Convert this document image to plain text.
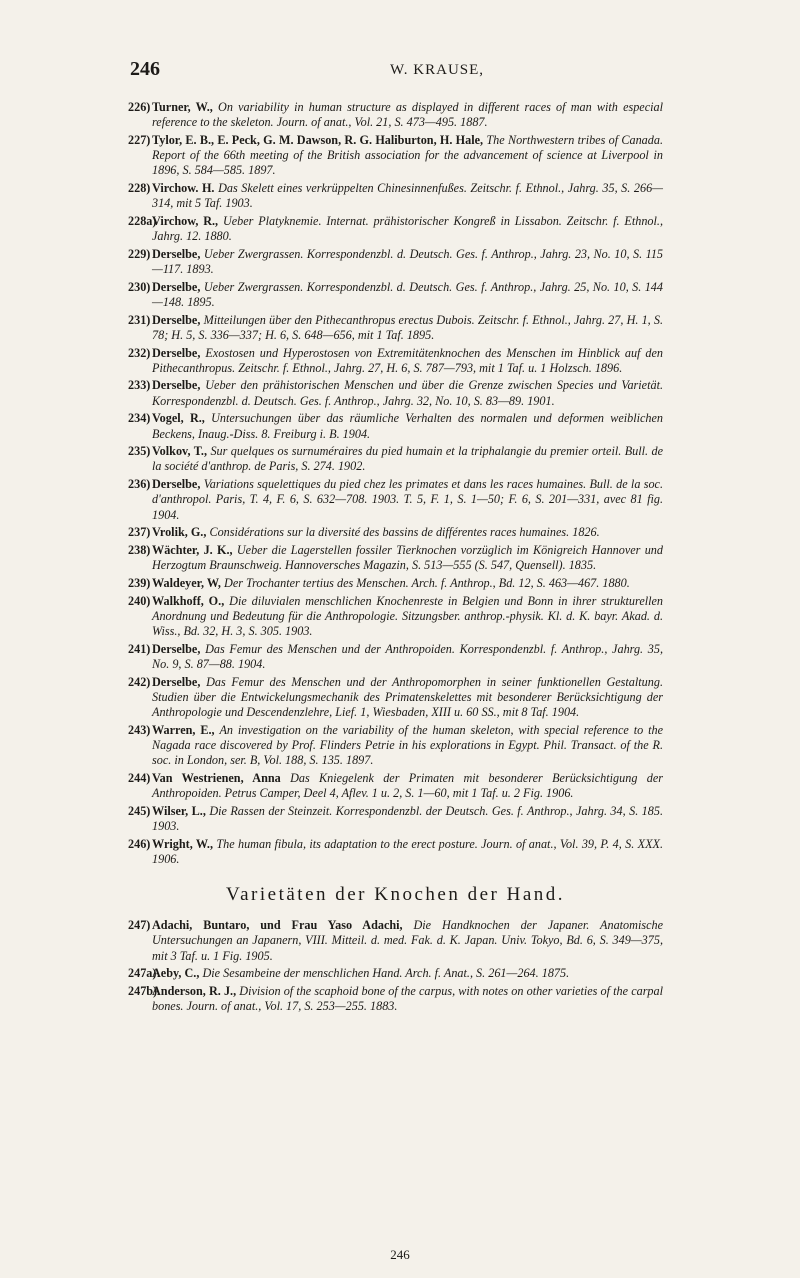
246	W. KRAUSE,
226) Turner, W., On variability in human structure as displayed in different races of man with especial reference to the skeleton. Journ. of anat., Vol. 21, S. 473—495. 1887.
227) Tylor, E. B., E. Peck, G. M. Dawson, R. G. Haliburton, H. Hale, The Northwestern tribes of Canada. Report of the 66th meeting of the British association for the advancement of science at Liverpool in 1896, S. 584—585. 1897.
228) Virchow. H. Das Skelett eines verkrüppelten Chinesinnenfußes. Zeitschr. f. Ethnol., Jahrg. 35, S. 266—314, mit 5 Taf. 1903.
228a)
Virchow, R., Ueber Platyknemie. Internat. prähistorischer Kongreß in Lissabon. Zeitschr. f. Ethnol., Jahrg. 12. 1880.
229) Derselbe, Ueber Zwergrassen. Korrespondenzbl. d. Deutsch. Ges. f. Anthrop., Jahrg. 23, No. 10, S. 115—117. 1893.
230) Derselbe, Ueber Zwergrassen. Korrespondenzbl. d. Deutsch. Ges. f. Anthrop., Jahrg. 25, No. 10, S. 144—148. 1895.
231) Derselbe, Mitteilungen über den Pithecanthropus erectus Dubois. Zeitschr. f. Ethnol., Jahrg. 27, H. 1, S. 78; H. 5, S. 336—337; H. 6, S. 648—656, mit 1 Taf. 1895.
232) Derselbe, Exostosen und Hyperostosen von Extremitätenknochen des Menschen im Hinblick auf den Pithecanthropus. Zeitschr. f. Ethnol., Jahrg. 27, H. 6, S. 787—793, mit 1 Taf. u. 1 Holzsch. 1896.
233) Derselbe, Ueber den prähistorischen Menschen und über die Grenze zwischen Species und Varietät. Korrespondenzbl. d. Deutsch. Ges. f. Anthrop., Jahrg. 32, No. 10, S. 83—89. 1901.
234) Vogel, R., Untersuchungen über das räumliche Verhalten des normalen und deformen weiblichen Beckens, Inaug.-Diss. 8. Freiburg i. B. 1904.
235) Volkov, T., Sur quelques os surnuméraires du pied humain et la triphalangie du premier orteil. Bull. de la société d'anthrop. de Paris, S. 274. 1902.
236) Derselbe, Variations squelettiques du pied chez les primates et dans les races humaines. Bull. de la soc. d'anthropol. Paris, T. 4, F. 6, S. 632—708. 1903. T. 5, F. 1, S. 1—50; F. 6, S. 201—331, avec 81 fig. 1904.
237) Vrolik, G., Considérations sur la diversité des bassins de différentes races humaines. 1826.
238) Wächter, J. K., Ueber die Lagerstellen fossiler Tierknochen vorzüglich im Königreich Hannover und Herzogtum Braunschweig. Hannoversches Magazin, S. 513—555 (S. 547, Quensell). 1835.
239) Waldeyer, W, Der Trochanter tertius des Menschen. Arch. f. Anthrop., Bd. 12, S. 463—467. 1880.
240) Walkhoff, O., Die diluvialen menschlichen Knochenreste in Belgien und Bonn in ihrer strukturellen Anordnung und Bedeutung für die Anthropologie. Sitzungsber. anthrop.-physik. Kl. d. K. bayr. Akad. d. Wiss., Bd. 32, H. 3, S. 305. 1903.
241) Derselbe, Das Femur des Menschen und der Anthropoiden. Korrespondenzbl. f. Anthrop., Jahrg. 35, No. 9, S. 87—88. 1904.
242) Derselbe, Das Femur des Menschen und der Anthropomorphen in seiner funktionellen Gestaltung. Studien über die Entwickelungsmechanik des Primatenskelettes mit besonderer Berücksichtigung der Anthropologie und Descendenzlehre, Lief. 1, Wiesbaden, XIII u. 60 SS., mit 8 Taf. 1904.
243) Warren, E., An investigation on the variability of the human skeleton, with special reference to the Nagada race discovered by Prof. Flinders Petrie in his explorations in Egypt. Phil. Transact. of the R. soc. in London, ser. B, Vol. 188, S. 135. 1897.
244) Van Westrienen, Anna Das Kniegelenk der Primaten mit besonderer Berücksichtigung der Anthropoiden. Petrus Camper, Deel 4, Aflev. 1 u. 2, S. 1—60, mit 1 Taf. u. 2 Fig. 1906.
245) Wilser, L., Die Rassen der Steinzeit. Korrespondenzbl. der Deutsch. Ges. f. Anthrop., Jahrg. 34, S. 185. 1903.
246) Wright, W., The human fibula, its adaptation to the erect posture. Journ. of anat., Vol. 39, P. 4, S. XXX. 1906.
Varietäten der Knochen der Hand.
247) Adachi, Buntaro, und Frau Yaso Adachi, Die Handknochen der Japaner. Anatomische Untersuchungen an Japanern, VIII. Mitteil. d. med. Fak. d. K. Japan. Univ. Tokyo, Bd. 6, S. 349—375, mit 3 Taf. u. 1 Fig. 1905.
247a)
Aeby, C., Die Sesambeine der menschlichen Hand. Arch. f. Anat., S. 261—264. 1875.
247b)
Anderson, R. J., Division of the scaphoid bone of the carpus, with notes on other varieties of the carpal bones. Journ. of anat., Vol. 17, S. 253—255. 1883.
246
